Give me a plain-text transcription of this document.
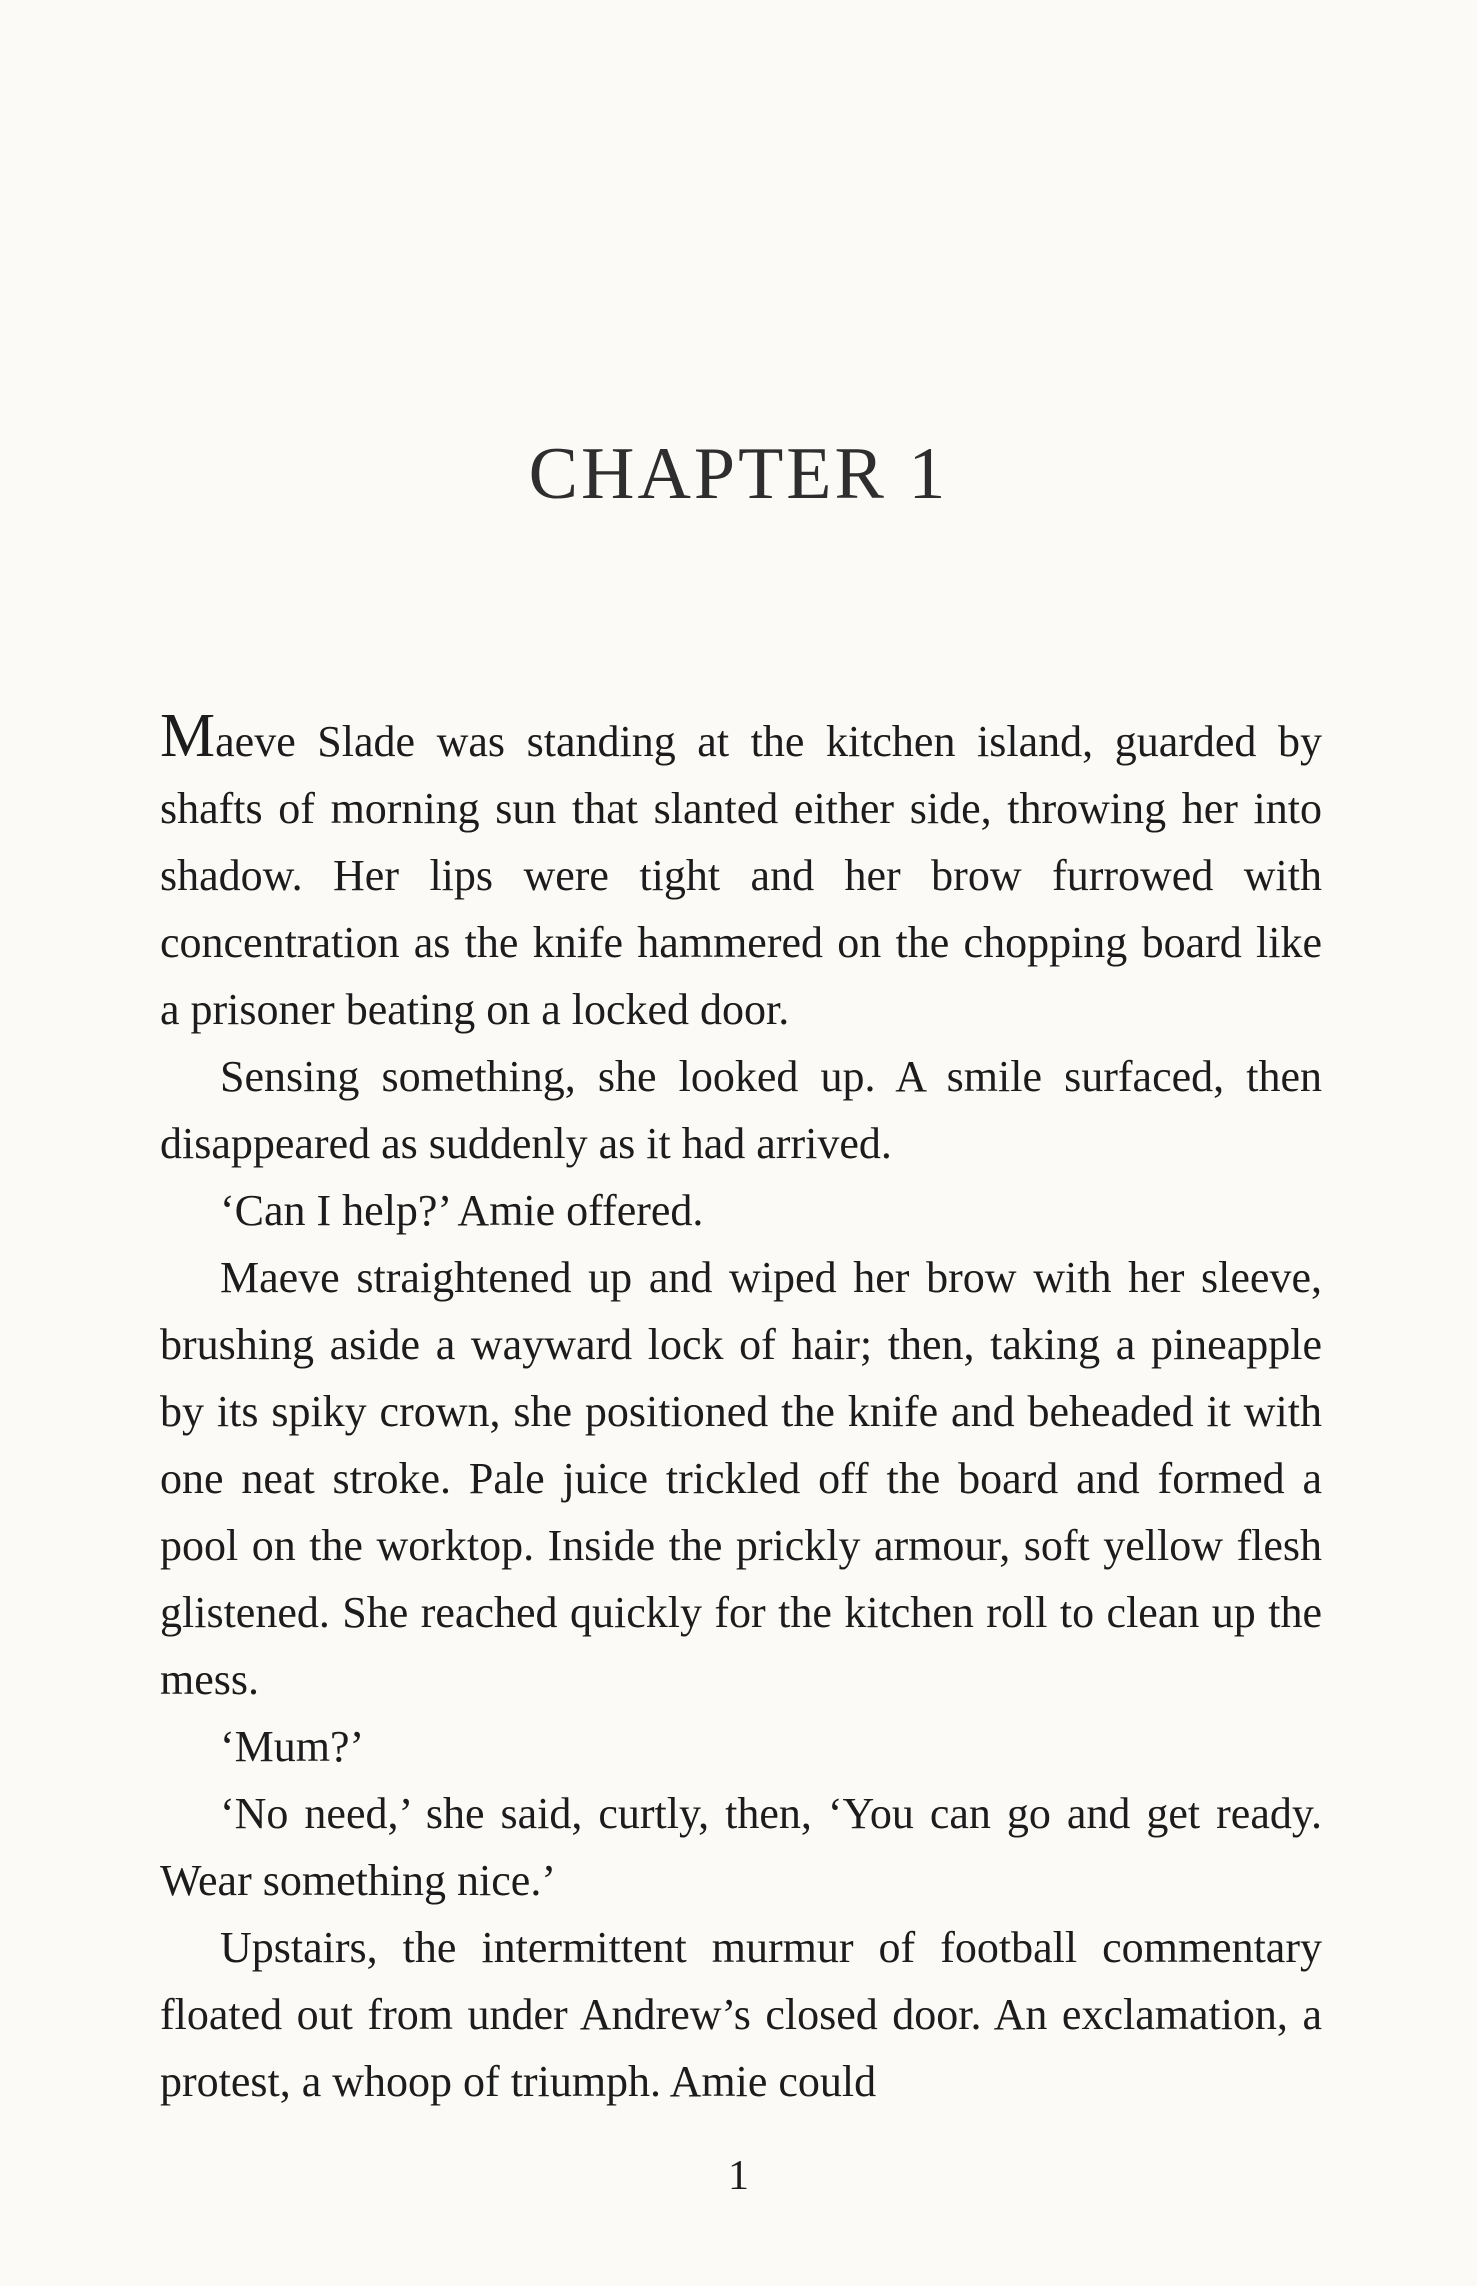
CHAPTER 1

Maeve Slade was standing at the kitchen island, guarded by shafts of morning sun that slanted either side, throwing her into shadow. Her lips were tight and her brow furrowed with concentration as the knife hammered on the chopping board like a prisoner beating on a locked door.

Sensing something, she looked up. A smile surfaced, then disappeared as suddenly as it had arrived.

‘Can I help?’ Amie offered.

Maeve straightened up and wiped her brow with her sleeve, brushing aside a wayward lock of hair; then, taking a pineapple by its spiky crown, she positioned the knife and beheaded it with one neat stroke. Pale juice trickled off the board and formed a pool on the worktop. Inside the prickly armour, soft yellow flesh glistened. She reached quickly for the kitchen roll to clean up the mess.

‘Mum?’

‘No need,’ she said, curtly, then, ‘You can go and get ready. Wear something nice.’

Upstairs, the intermittent murmur of football commentary floated out from under Andrew’s closed door. An exclamation, a protest, a whoop of triumph. Amie could

1
